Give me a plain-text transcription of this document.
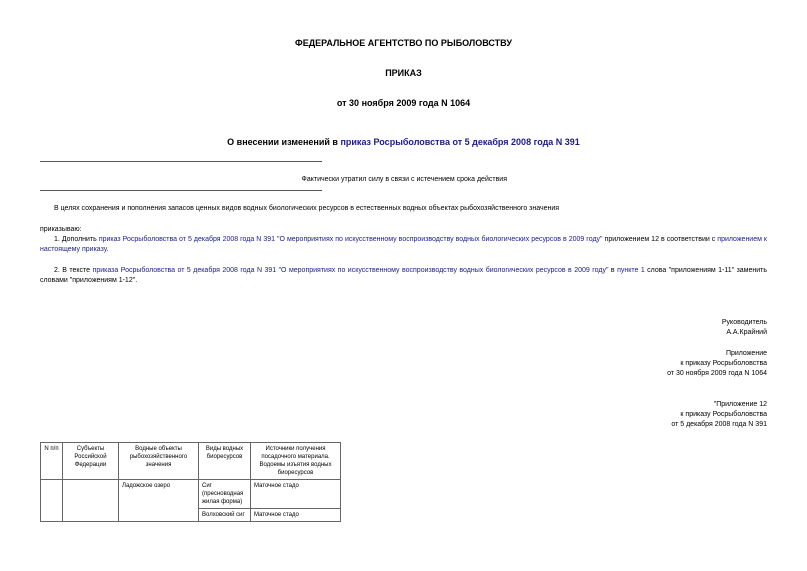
ФЕДЕРАЛЬНОЕ АГЕНТСТВО ПО РЫБОЛОВСТВУ
ПРИКАЗ
от 30 ноября 2009 года N 1064
О внесении изменений в приказ Росрыболовства от 5 декабря 2008 года N 391
Фактически утратил силу в связи с истечением срока действия
В целях сохранения и пополнения запасов ценных видов водных биологических ресурсов в естественных водных объектах рыбохозяйственного значения
приказываю:
1. Дополнить приказ Росрыболовства от 5 декабря 2008 года N 391 "О мероприятиях по искусственному воспроизводству водных биологических ресурсов в 2009 году" приложением 12 в соответствии с приложением к настоящему приказу.
2. В тексте приказа Росрыболовства от 5 декабря 2008 года N 391 "О мероприятиях по искусственному воспроизводству водных биологических ресурсов в 2009 году" в пункте 1 слова "приложениям 1-11" заменить словами "приложениям 1-12".
Руководитель
А.А.Крайний
Приложение
к приказу Росрыболовства
от 30 ноября 2009 года N 1064
"Приложение 12
к приказу Росрыболовства
от 5 декабря 2008 года N 391
N п/п	Субъекты Российской Федерации	Водные объекты рыбохозяйственного значения	Виды водных биоресурсов	Источники получения посадочного материала. Водоемы изъятия водных биоресурсов
		Ладожское озеро	Сиг (пресноводная жилая форма)	Маточное стадо
			Волховский сиг	Маточное стадо
